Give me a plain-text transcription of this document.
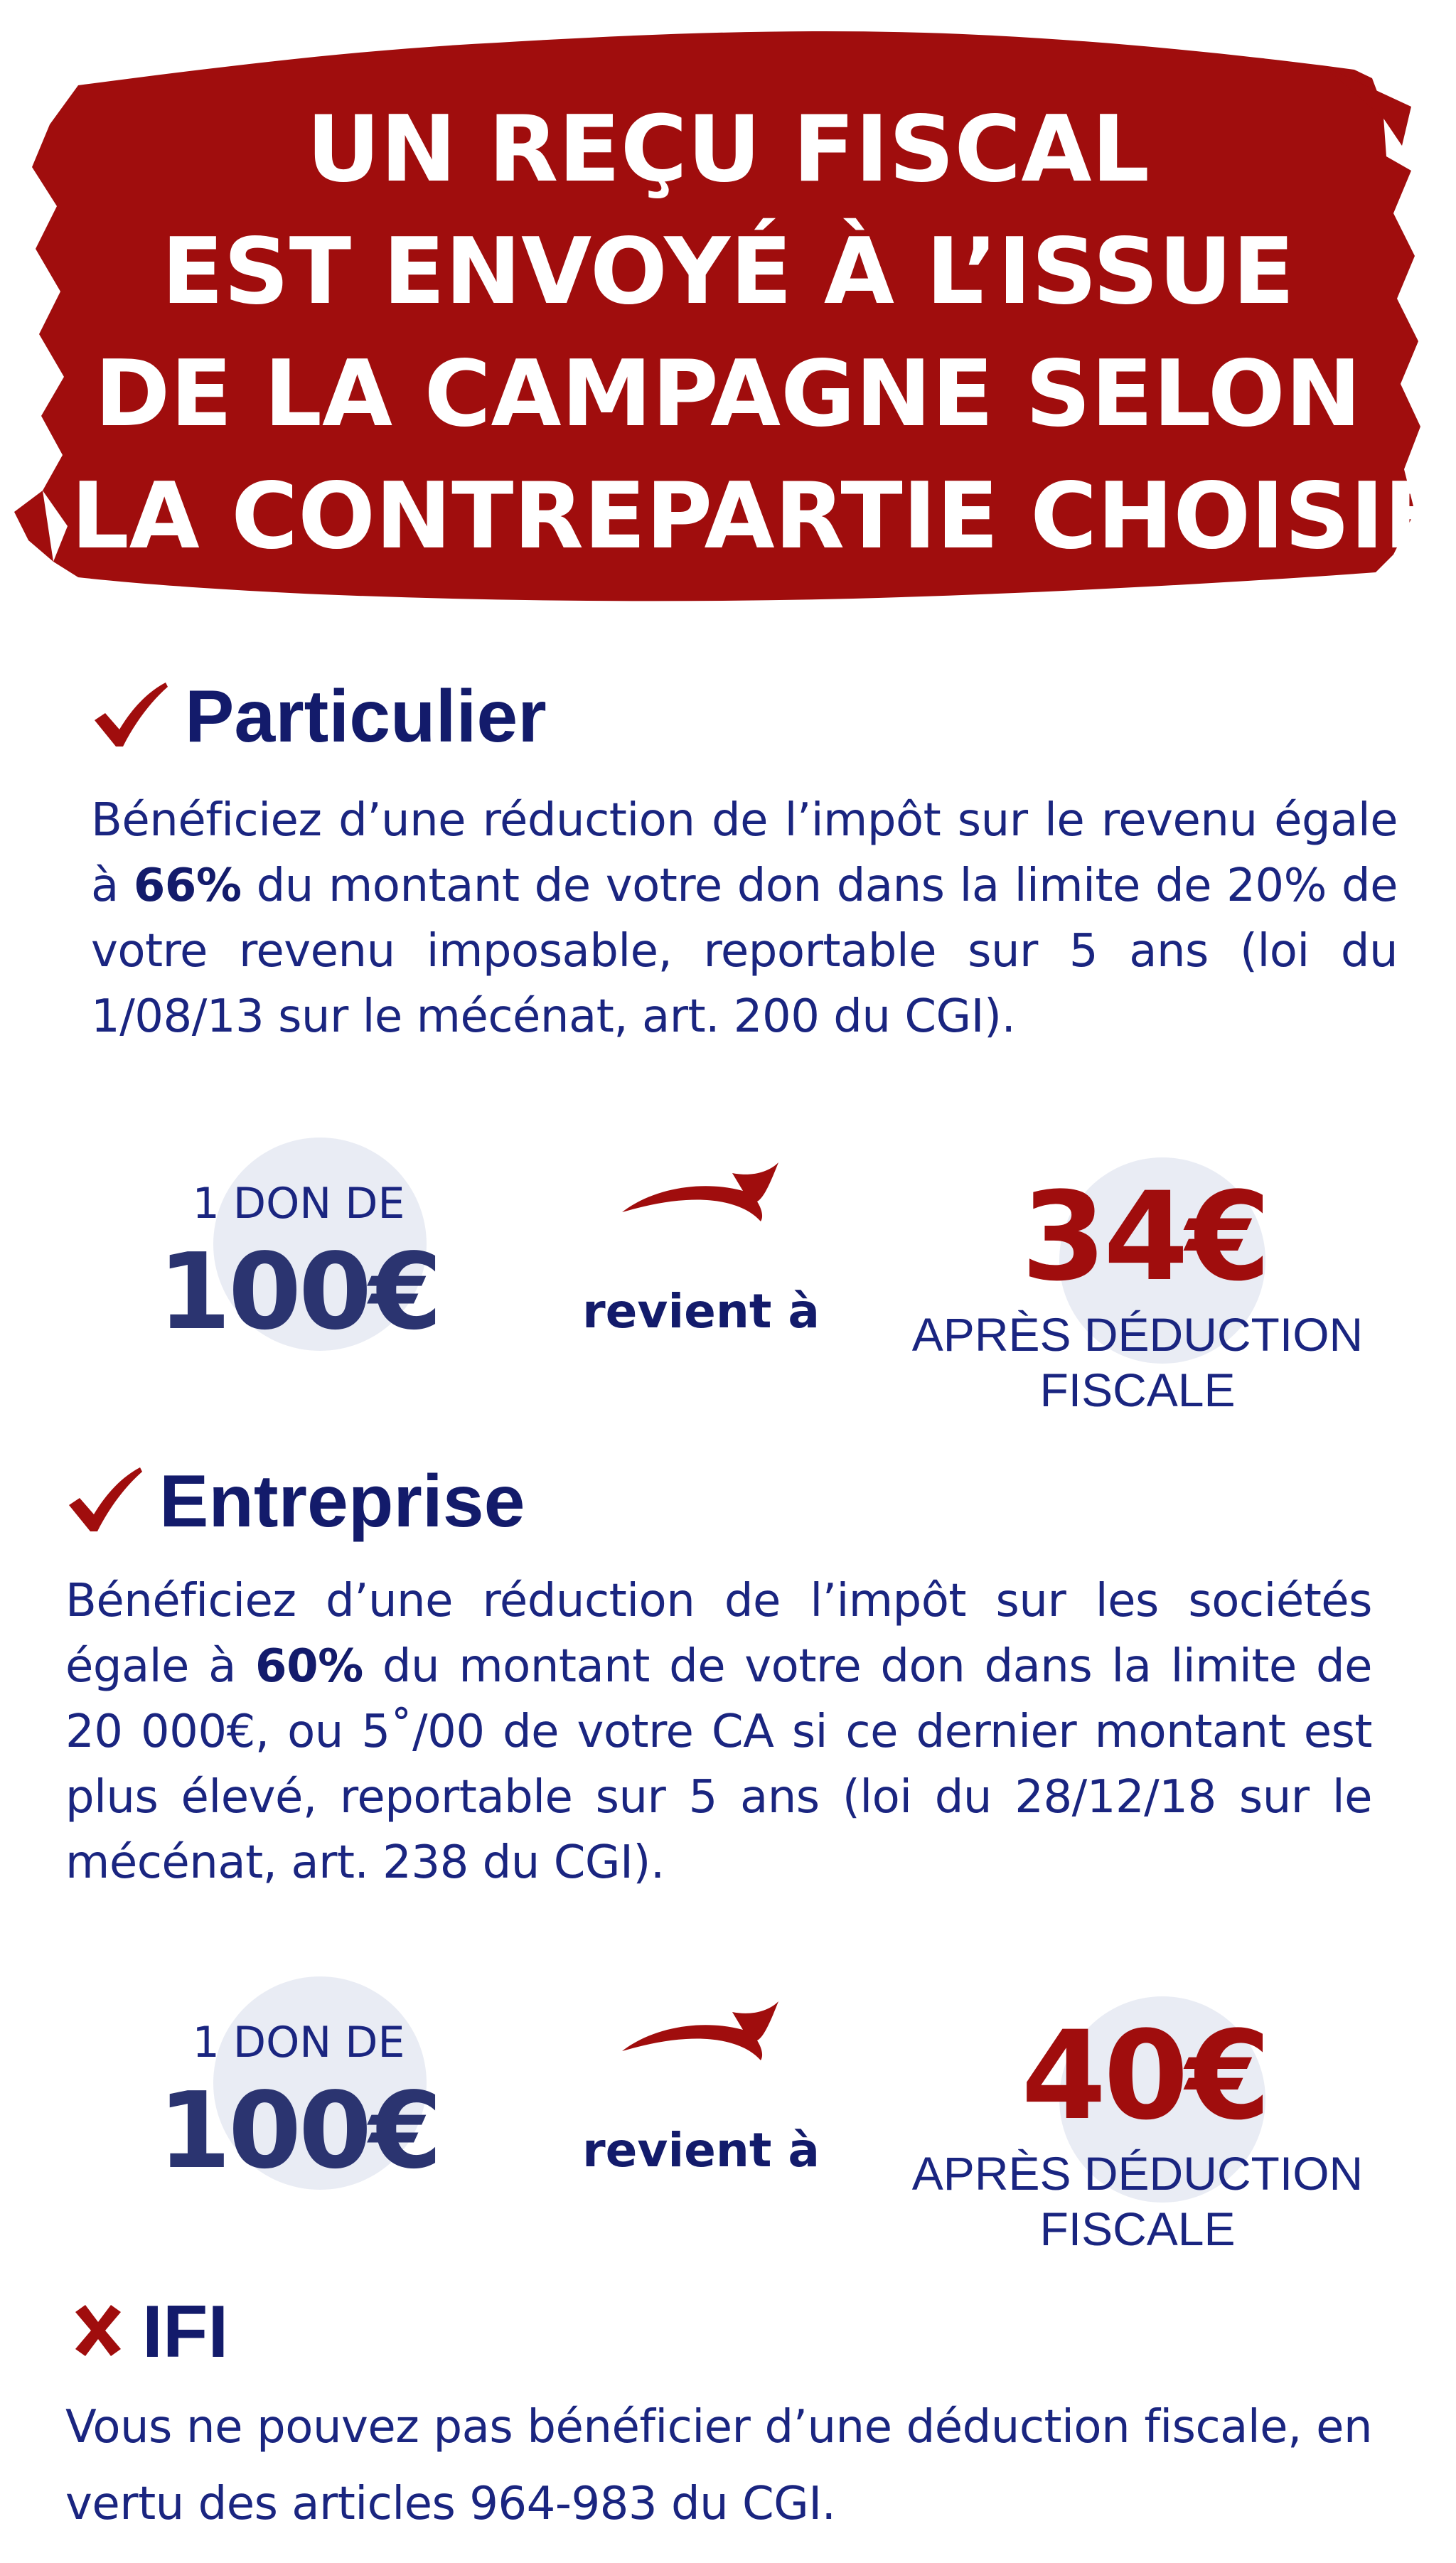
UN REÇU FISCAL
EST ENVOYÉ À L’ISSUE
DE LA CAMPAGNE SELON
LA CONTREPARTIE CHOISIE
Particulier
Bénéficiez d’une réduction de l’impôt sur le revenu égale à 66% du montant de votre don dans la limite de 20% de votre revenu imposable, reportable sur 5 ans (loi du 1/08/13 sur le mécénat, art. 200 du CGI).
1 DON DE
100€	revient à
34€
APRÈS DÉDUCTION
FISCALE
Entreprise
Bénéficiez d’une réduction de l’impôt sur les sociétés égale à 60% du montant de votre don dans la limite de 20 000€, ou 5˚/00 de votre CA si ce dernier montant est plus élevé, reportable sur 5 ans (loi du 28/12/18 sur le mécénat, art. 238 du CGI).
1 DON DE
100€	revient à
40€
APRÈS DÉDUCTION
FISCALE
IFI
Vous ne pouvez pas bénéficier d’une déduction fiscale, en vertu des articles 964-983 du CGI.
